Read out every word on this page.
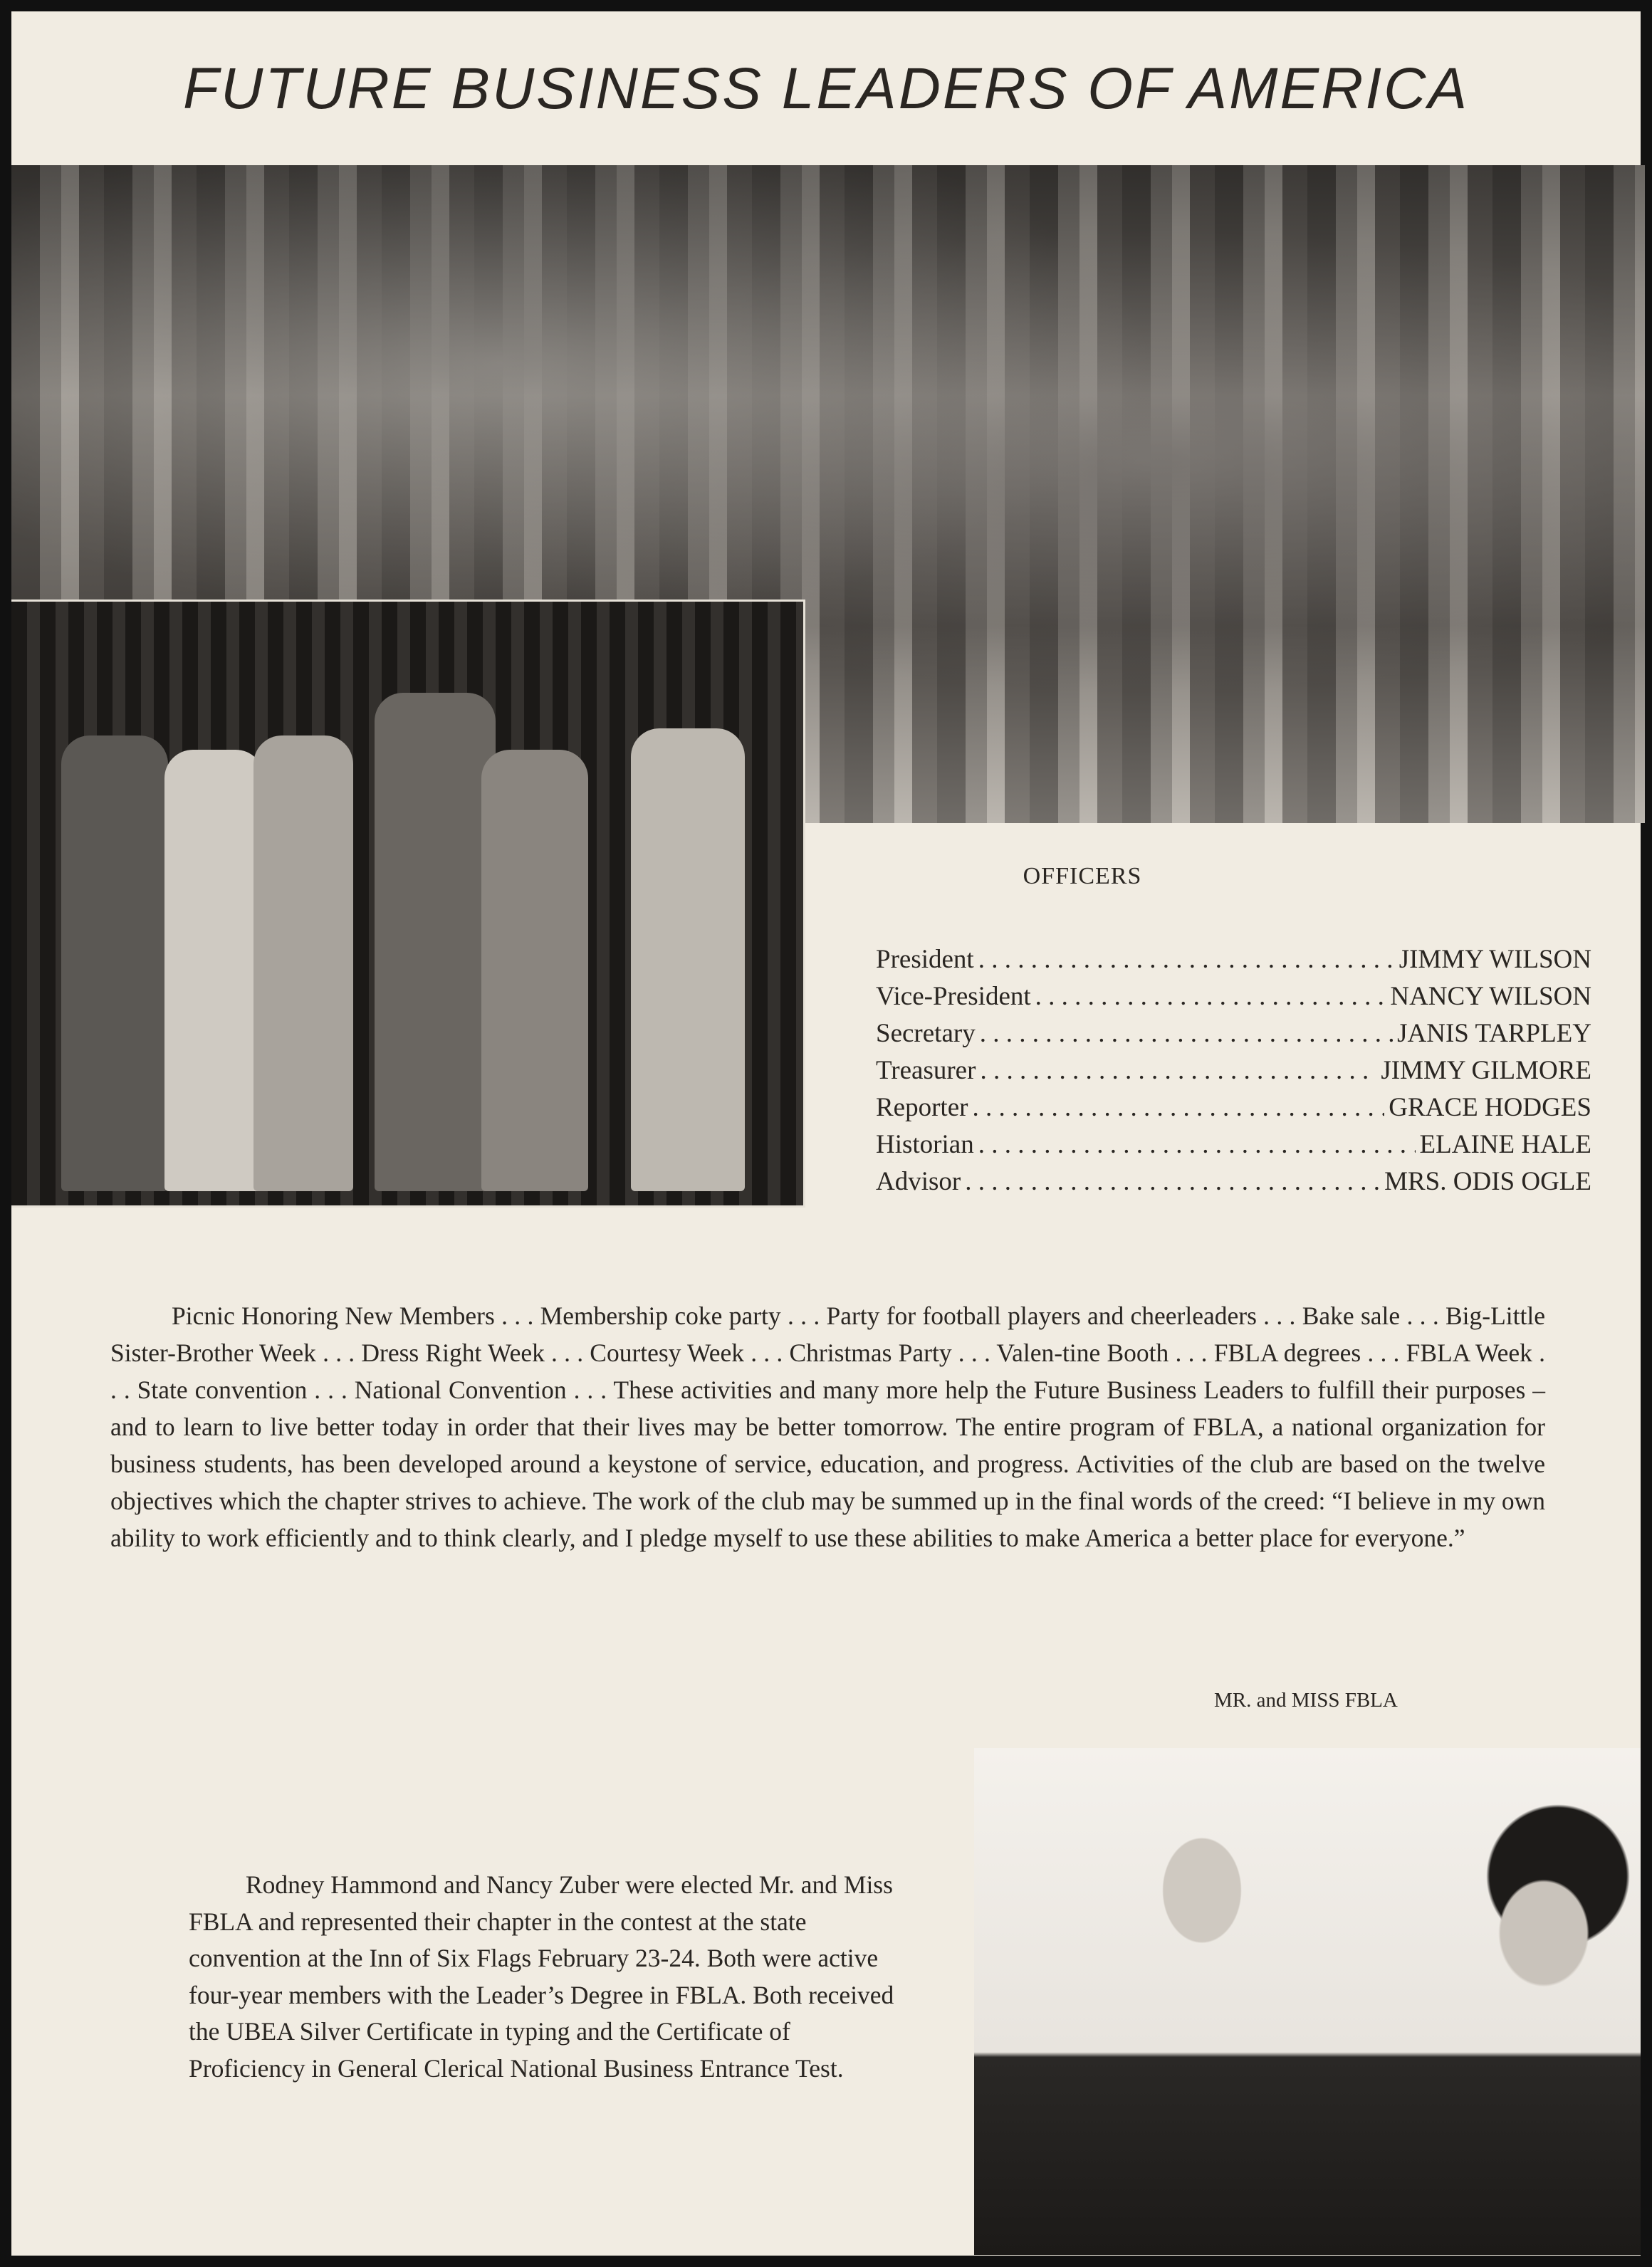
FUTURE BUSINESS LEADERS OF AMERICA
OFFICERS
President . . .	JIMMY WILSON
Vice-President . . .	NANCY WILSON
Secretary . . .	JANIS TARPLEY
Treasurer . . .	JIMMY GILMORE
Reporter . . .	GRACE HODGES
Historian . . .	ELAINE HALE
Advisor . . .	MRS. ODIS OGLE
Picnic Honoring New Members . . . Membership coke party . . . Party for football players and cheerleaders . . . Bake sale . . . Big-Little Sister-Brother Week . . . Dress Right Week . . . Courtesy Week . . . Christmas Party . . . Valen-tine Booth . . . FBLA degrees . . . FBLA Week . . . State convention . . . National Convention . . . These activities and many more help the Future Business Leaders to fulfill their purposes – and to learn to live better today in order that their lives may be better tomorrow. The entire program of FBLA, a national organization for business students, has been developed around a keystone of service, education, and progress. Activities of the club are based on the twelve objectives which the chapter strives to achieve. The work of the club may be summed up in the final words of the creed: “I believe in my own ability to work efficiently and to think clearly, and I pledge myself to use these abilities to make America a better place for everyone.”
MR. and MISS FBLA
Rodney Hammond and Nancy Zuber were elected Mr. and Miss FBLA and represented their chapter in the contest at the state convention at the Inn of Six Flags February 23-24. Both were active four-year members with the Leader’s Degree in FBLA. Both received the UBEA Silver Certificate in typing and the Certificate of Proficiency in General Clerical National Business Entrance Test.
